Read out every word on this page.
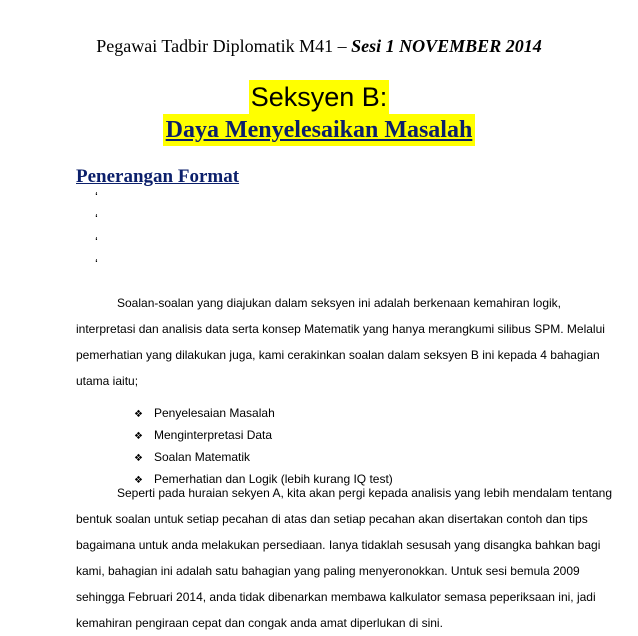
Pegawai Tadbir Diplomatik M41 – Sesi 1 NOVEMBER 2014
Seksyen B:
Daya Menyelesaikan Masalah
Penerangan Format
‘
‘
‘
‘
Soalan-soalan yang diajukan dalam seksyen ini adalah berkenaan kemahiran logik,
interpretasi dan analisis data serta konsep Matematik yang hanya merangkumi silibus SPM. Melalui
pemerhatian yang dilakukan juga, kami cerakinkan soalan dalam seksyen B ini kepada 4 bahagian
utama iaitu;
❖ Penyelesaian Masalah
❖ Menginterpretasi Data
❖ Soalan Matematik
❖ Pemerhatian dan Logik (lebih kurang IQ test)
Seperti pada huraian sekyen A, kita akan pergi kepada analisis yang lebih mendalam tentang
bentuk soalan untuk setiap pecahan di atas dan setiap pecahan akan disertakan contoh dan tips
bagaimana untuk anda melakukan persediaan. Ianya tidaklah sesusah yang disangka bahkan bagi
kami, bahagian ini adalah satu bahagian yang paling menyeronokkan. Untuk sesi bemula 2009
sehingga Februari 2014, anda tidak dibenarkan membawa kalkulator semasa peperiksaan ini, jadi
kemahiran pengiraan cepat dan congak anda amat diperlukan di sini.
